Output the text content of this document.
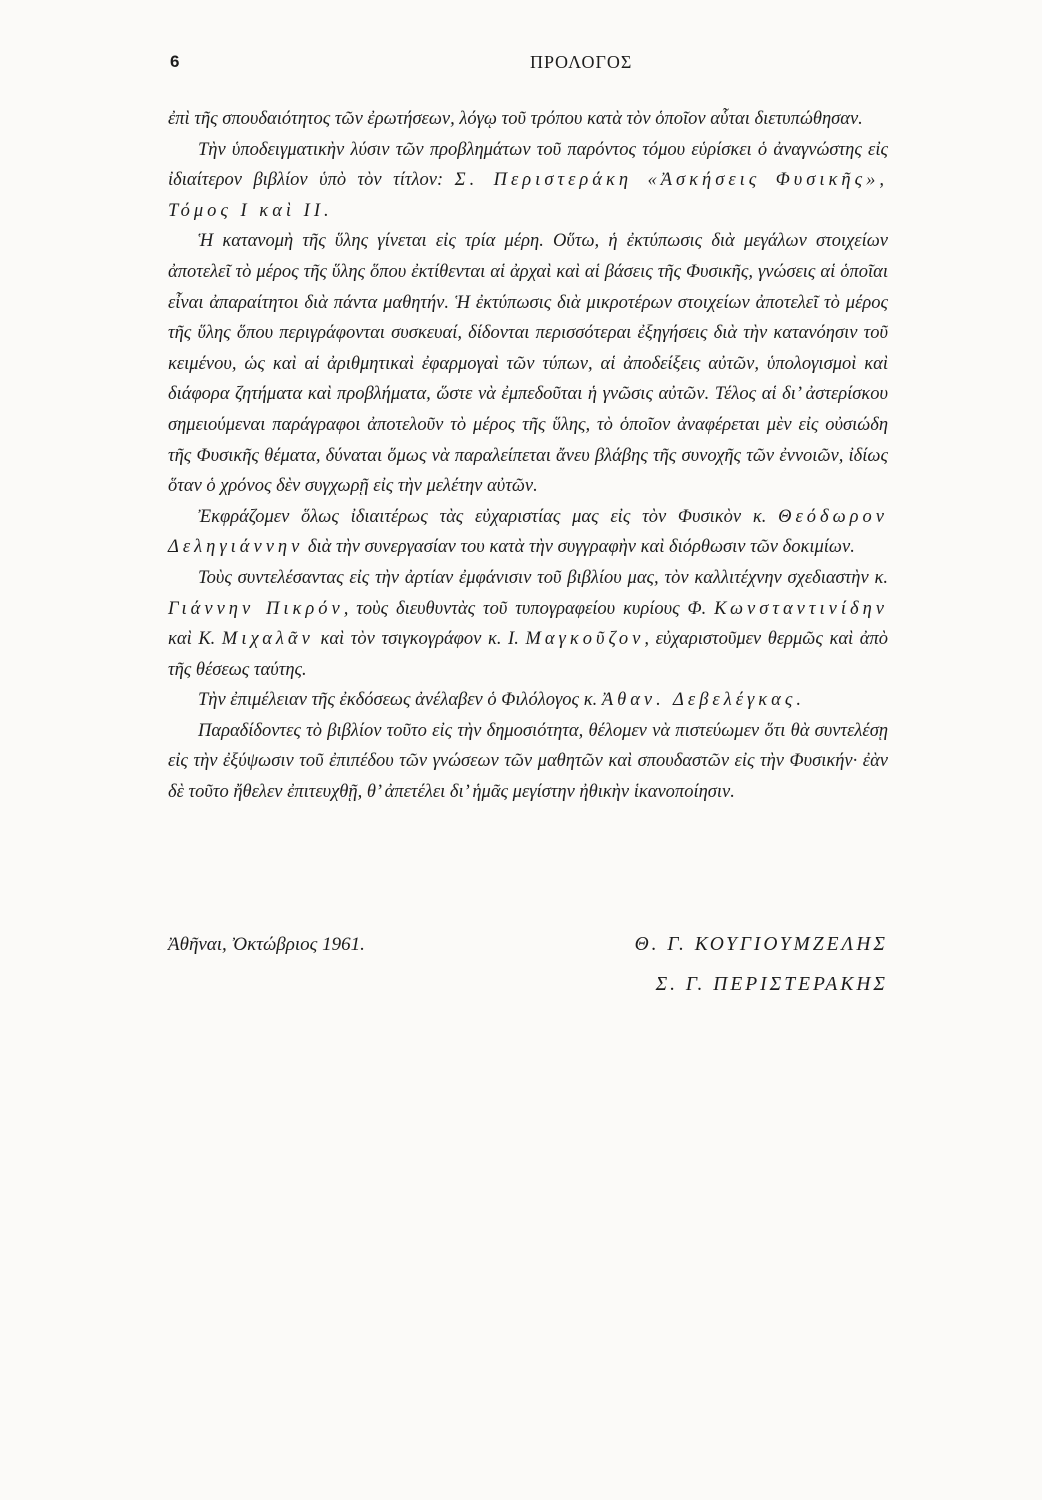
6	ΠΡΟΛΟΓΟΣ

ἐπὶ τῆς σπουδαιότητος τῶν ἐρωτήσεων, λόγῳ τοῦ τρόπου κατὰ τὸν ὁποῖον αὗται διετυπώθησαν.

Τὴν ὑποδειγματικὴν λύσιν τῶν προβλημάτων τοῦ παρόντος τόμου εὑρίσκει ὁ ἀναγνώστης εἰς ἰδιαίτερον βιβλίον ὑπὸ τὸν τίτλον: Σ. Περιστεράκη «Ἀσκήσεις Φυσικῆς», Τόμος I καὶ II.

Ἡ κατανομὴ τῆς ὕλης γίνεται εἰς τρία μέρη. Οὕτω, ἡ ἐκτύπωσις διὰ μεγάλων στοιχείων ἀποτελεῖ τὸ μέρος τῆς ὕλης ὅπου ἐκτίθενται αἱ ἀρχαὶ καὶ αἱ βάσεις τῆς Φυσικῆς, γνώσεις αἱ ὁποῖαι εἶναι ἀπαραίτητοι διὰ πάντα μαθητήν. Ἡ ἐκτύπωσις διὰ μικροτέρων στοιχείων ἀποτελεῖ τὸ μέρος τῆς ὕλης ὅπου περιγράφονται συσκευαί, δίδονται περισσότεραι ἐξηγήσεις διὰ τὴν κατανόησιν τοῦ κειμένου, ὡς καὶ αἱ ἀριθμητικαὶ ἐφαρμογαὶ τῶν τύπων, αἱ ἀποδείξεις αὐτῶν, ὑπολογισμοὶ καὶ διάφορα ζητήματα καὶ προβλήματα, ὥστε νὰ ἐμπεδοῦται ἡ γνῶσις αὐτῶν. Τέλος αἱ δι’ ἀστερίσκου σημειούμεναι παράγραφοι ἀποτελοῦν τὸ μέρος τῆς ὕλης, τὸ ὁποῖον ἀναφέρεται μὲν εἰς οὐσιώδη τῆς Φυσικῆς θέματα, δύναται ὅμως νὰ παραλείπεται ἄνευ βλάβης τῆς συνοχῆς τῶν ἐννοιῶν, ἰδίως ὅταν ὁ χρόνος δὲν συγχωρῇ εἰς τὴν μελέτην αὐτῶν.

Ἐκφράζομεν ὅλως ἰδιαιτέρως τὰς εὐχαριστίας μας εἰς τὸν Φυσικὸν κ. Θεόδωρον Δεληγιάννην διὰ τὴν συνεργασίαν του κατὰ τὴν συγγραφὴν καὶ διόρθωσιν τῶν δοκιμίων.

Τοὺς συντελέσαντας εἰς τὴν ἀρτίαν ἐμφάνισιν τοῦ βιβλίου μας, τὸν καλλιτέχνην σχεδιαστὴν κ. Γιάννην Πικρόν, τοὺς διευθυντὰς τοῦ τυπογραφείου κυρίους Φ. Κωνσταντινίδην καὶ Κ. Μιχαλᾶν καὶ τὸν τσιγκογράφον κ. I. Μαγκοῦζον, εὐχαριστοῦμεν θερμῶς καὶ ἀπὸ τῆς θέσεως ταύτης.

Τὴν ἐπιμέλειαν τῆς ἐκδόσεως ἀνέλαβεν ὁ Φιλόλογος κ. Ἀθαν. Δεβελέγκας.

Παραδίδοντες τὸ βιβλίον τοῦτο εἰς τὴν δημοσιότητα, θέλομεν νὰ πιστεύωμεν ὅτι θὰ συντελέσῃ εἰς τὴν ἐξύψωσιν τοῦ ἐπιπέδου τῶν γνώσεων τῶν μαθητῶν καὶ σπουδαστῶν εἰς τὴν Φυσικήν· ἐὰν δὲ τοῦτο ἤθελεν ἐπιτευχθῇ, θ’ ἀπετέλει δι’ ἡμᾶς μεγίστην ἠθικὴν ἱκανοποίησιν.

Ἀθῆναι, Ὀκτώβριος 1961.	Θ. Γ. ΚΟΥΓΙΟΥΜΖΕΛΗΣ
Σ. Γ. ΠΕΡΙΣΤΕΡΑΚΗΣ
